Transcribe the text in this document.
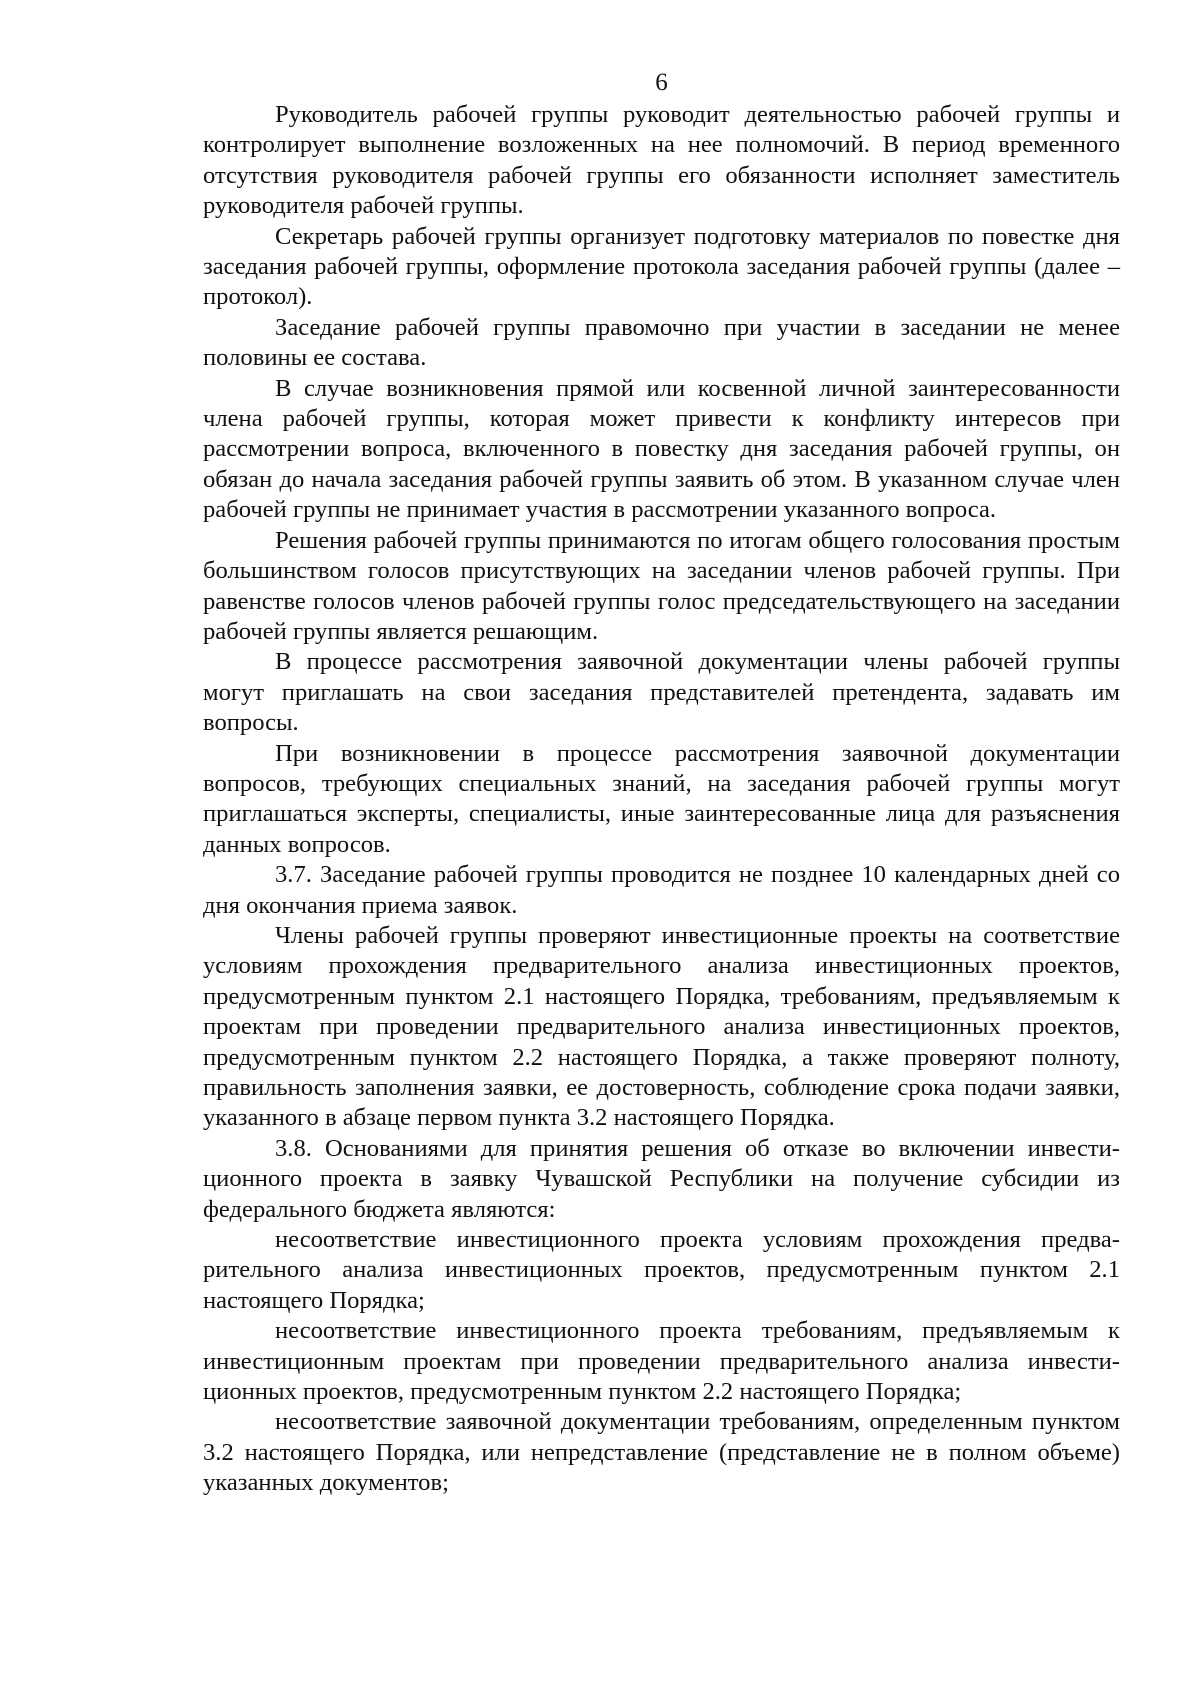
6

Руководитель рабочей группы руководит деятельностью рабочей группы и контролирует выполнение возложенных на нее полномочий. В период временного отсутствия руководителя рабочей группы его обязанности исполняет заместитель руководителя рабочей группы.

Секретарь рабочей группы организует подготовку материалов по повестке дня заседания рабочей группы, оформление протокола заседания рабочей группы (далее – протокол).

Заседание рабочей группы правомочно при участии в заседании не менее половины ее состава.

В случае возникновения прямой или косвенной личной заинтересованности члена рабочей группы, которая может привести к конфликту интересов при рассмотрении вопроса, включенного в повестку дня заседания рабочей группы, он обязан до начала заседания рабочей группы заявить об этом. В указанном случае член рабочей группы не принимает участия в рассмотрении указанного вопроса.

Решения рабочей группы принимаются по итогам общего голосования простым большинством голосов присутствующих на заседании членов рабочей группы. При равенстве голосов членов рабочей группы голос председательствующего на заседании рабочей группы является решающим.

В процессе рассмотрения заявочной документации члены рабочей группы могут приглашать на свои заседания представителей претендента, задавать им вопросы.

При возникновении в процессе рассмотрения заявочной документации вопросов, требующих специальных знаний, на заседания рабочей группы могут приглашаться эксперты, специалисты, иные заинтересованные лица для разъяснения данных вопросов.

3.7. Заседание рабочей группы проводится не позднее 10 календарных дней со дня окончания приема заявок.

Члены рабочей группы проверяют инвестиционные проекты на соответствие условиям прохождения предварительного анализа инвестиционных проектов, предусмотренным пунктом 2.1 настоящего Порядка, требованиям, предъявляемым к проектам при проведении предварительного анализа инвестиционных проектов, предусмотренным пунктом 2.2 настоящего Порядка, а также проверяют полноту, правильность заполнения заявки, ее достоверность, соблюдение срока подачи заявки, указанного в абзаце первом пункта 3.2 настоящего Порядка.

3.8. Основаниями для принятия решения об отказе во включении инвестиционного проекта в заявку Чувашской Республики на получение субсидии из федерального бюджета являются:

несоответствие инвестиционного проекта условиям прохождения предварительного анализа инвестиционных проектов, предусмотренным пунктом 2.1 настоящего Порядка;

несоответствие инвестиционного проекта требованиям, предъявляемым к инвестиционным проектам при проведении предварительного анализа инвестиционных проектов, предусмотренным пунктом 2.2 настоящего Порядка;

несоответствие заявочной документации требованиям, определенным пунктом 3.2 настоящего Порядка, или непредставление (представление не в полном объеме) указанных документов;
